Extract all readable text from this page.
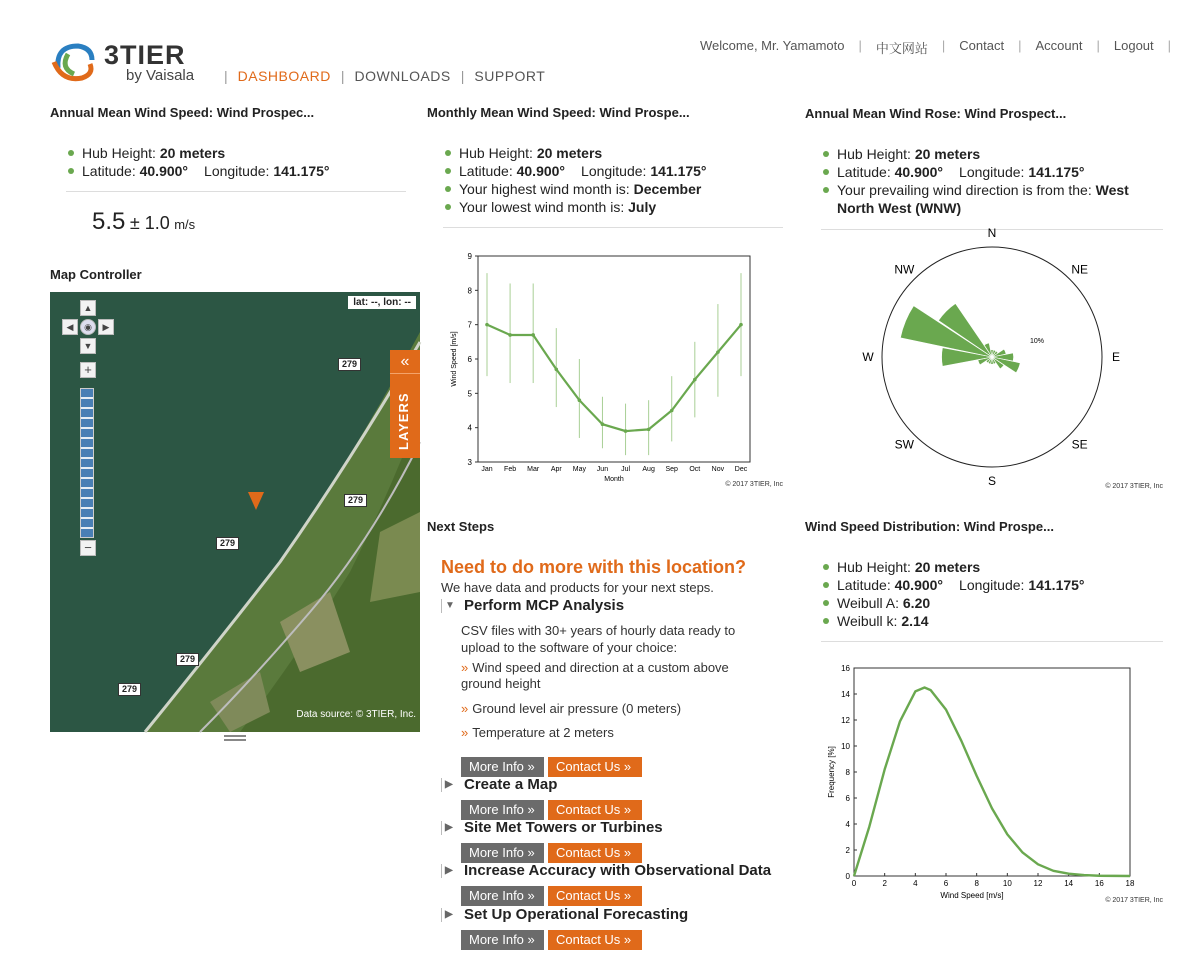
3TIER
by Vaisala | DASHBOARD | DOWNLOADS | SUPPORT
Welcome, Mr. Yamamoto | 中文网站 | Contact | Account | Logout |
Annual Mean Wind Speed: Wind Prospec...
Hub Height: 20 meters
Latitude: 40.900° Longitude: 141.175°
5.5 ± 1.0 m/s
Map Controller
lat: --, lon: --
▲
◀	◉	▶
▼
+
−
«
LAYERS
279
279
279
279
279
Data source: © 3TIER, Inc.
Monthly Mean Wind Speed: Wind Prospe...
Hub Height: 20 meters
Latitude: 40.900° Longitude: 141.175°
Your highest wind month is: December
Your lowest wind month is: July
3
4
5
6
7
8
9
Jan Feb Mar Apr May Jun Jul Aug Sep Oct Nov Dec
Month
Wind Speed [m/s]
© 2017 3TIER, Inc
Annual Mean Wind Rose: Wind Prospect...
Hub Height: 20 meters
Latitude: 40.900° Longitude: 141.175°
Your prevailing wind direction is from the: West
North West (WNW)
N
NE
E
SE
S
SW
W
NW
10%
© 2017 3TIER, Inc
Next Steps
Need to do more with this location?
We have data and products for your next steps.
▼ Perform MCP Analysis
CSV files with 30+ years of hourly data ready to upload to the software of your choice:
» Wind speed and direction at a custom above ground height
» Ground level air pressure (0 meters)
» Temperature at 2 meters
More Info »	Contact Us »
▶ Create a Map
More Info »	Contact Us »
▶ Site Met Towers or Turbines
More Info »	Contact Us »
▶ Increase Accuracy with Observational Data
More Info »	Contact Us »
▶ Set Up Operational Forecasting
More Info »	Contact Us »
Wind Speed Distribution: Wind Prospe...
Hub Height: 20 meters
Latitude: 40.900° Longitude: 141.175°
Weibull A: 6.20
Weibull k: 2.14
0
2
4
6
8
10
12
14
16
0	2	4	6	8	10	12	14	16	18
Wind Speed [m/s]
Frequency [%]
© 2017 3TIER, Inc
